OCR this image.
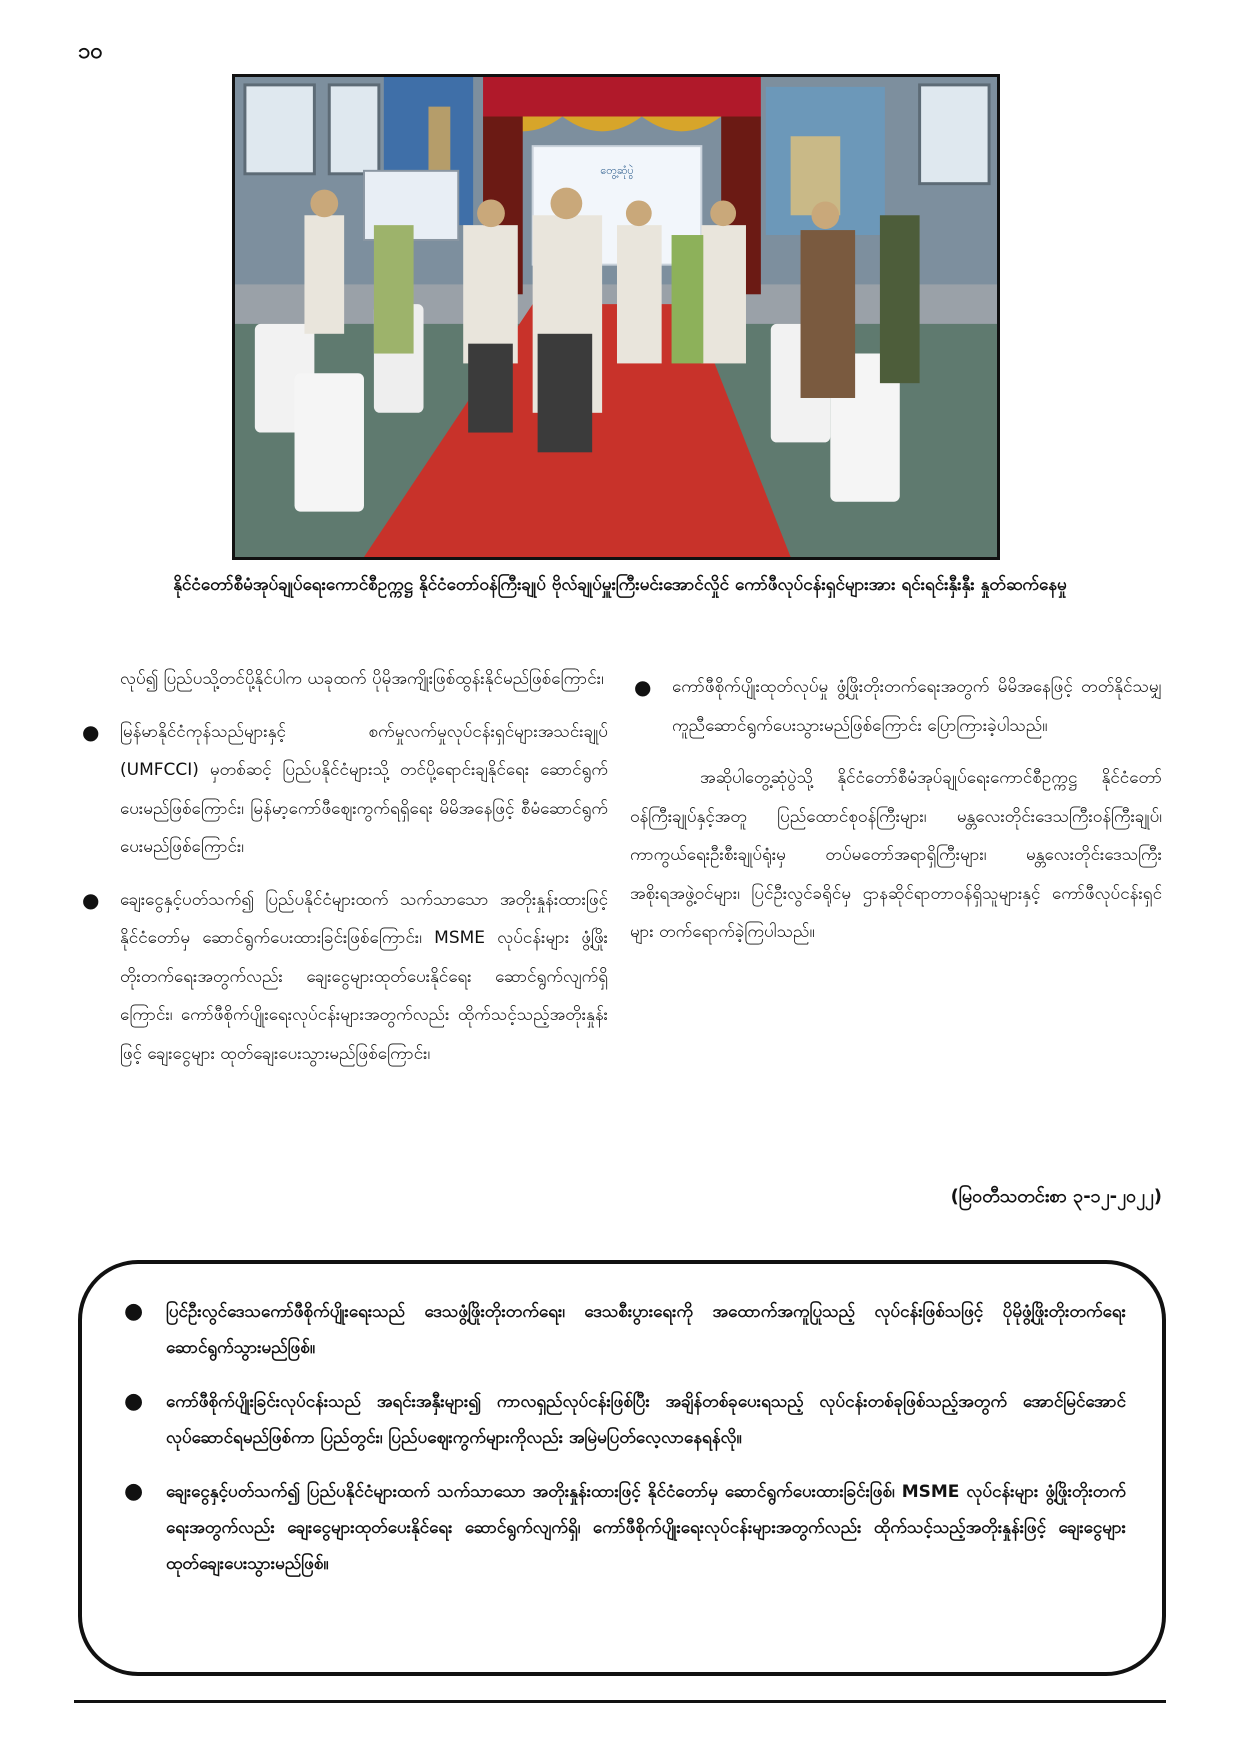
၁၀
တွေ့ဆုံပွဲ
နိုင်ငံတော်စီမံအုပ်ချုပ်ရေးကောင်စီဥက္ကဋ္ဌ နိုင်ငံတော်ဝန်ကြီးချုပ် ဗိုလ်ချုပ်မှူးကြီးမင်းအောင်လှိုင် ကော်ဖီလုပ်ငန်းရှင်များအား ရင်းရင်းနှီးနှီး နှုတ်ဆက်နေမှု

လုပ်၍ ပြည်ပသို့တင်ပို့နိုင်ပါက ယခုထက် ပိုမိုအကျိုးဖြစ်ထွန်းနိုင်မည်ဖြစ်ကြောင်း၊

● မြန်မာနိုင်ငံကုန်သည်များနှင့် စက်မှုလက်မှုလုပ်ငန်းရှင်များအသင်းချုပ် (UMFCCI) မှတစ်ဆင့် ပြည်ပနိုင်ငံများသို့ တင်ပို့ရောင်းချနိုင်ရေး ဆောင်ရွက်ပေးမည်ဖြစ်ကြောင်း၊ မြန်မာ့ကော်ဖီဈေးကွက်ရရှိရေး မိမိအနေဖြင့် စီမံဆောင်ရွက်ပေးမည်ဖြစ်ကြောင်း၊
● ချေးငွေနှင့်ပတ်သက်၍ ပြည်ပနိုင်ငံများထက် သက်သာသော အတိုးနှုန်းထားဖြင့် နိုင်ငံတော်မှ ဆောင်ရွက်ပေးထားခြင်းဖြစ်ကြောင်း၊ MSME လုပ်ငန်းများ ဖွံ့ဖြိုးတိုးတက်ရေးအတွက်လည်း ချေးငွေများထုတ်ပေးနိုင်ရေး ဆောင်ရွက်လျက်ရှိကြောင်း၊ ကော်ဖီစိုက်ပျိုးရေးလုပ်ငန်းများအတွက်လည်း ထိုက်သင့်သည့်အတိုးနှုန်းဖြင့် ချေးငွေများ ထုတ်ချေးပေးသွားမည်ဖြစ်ကြောင်း၊
● ကော်ဖီစိုက်ပျိုးထုတ်လုပ်မှု ဖွံ့ဖြိုးတိုးတက်ရေးအတွက် မိမိအနေဖြင့် တတ်နိုင်သမျှ ကူညီဆောင်ရွက်ပေးသွားမည်ဖြစ်ကြောင်း ပြောကြားခဲ့ပါသည်။

အဆိုပါတွေ့ဆုံပွဲသို့ နိုင်ငံတော်စီမံအုပ်ချုပ်ရေးကောင်စီဥက္ကဋ္ဌ နိုင်ငံတော်ဝန်ကြီးချုပ်နှင့်အတူ ပြည်ထောင်စုဝန်ကြီးများ၊ မန္တလေးတိုင်းဒေသကြီးဝန်ကြီးချုပ်၊ ကာကွယ်ရေးဦးစီးချုပ်ရုံးမှ တပ်မတော်အရာရှိကြီးများ၊ မန္တလေးတိုင်းဒေသကြီး အစိုးရအဖွဲ့ဝင်များ၊ ပြင်ဦးလွင်ခရိုင်မှ ဌာနဆိုင်ရာတာဝန်ရှိသူများနှင့် ကော်ဖီလုပ်ငန်းရှင်များ တက်ရောက်ခဲ့ကြပါသည်။

(မြဝတီသတင်းစာ ၃-၁၂-၂၀၂၂)
● ပြင်ဦးလွင်ဒေသကော်ဖီစိုက်ပျိုးရေးသည် ဒေသဖွံ့ဖြိုးတိုးတက်ရေး၊ ဒေသစီးပွားရေးကို အထောက်အကူပြုသည့် လုပ်ငန်းဖြစ်သဖြင့် ပိုမိုဖွံ့ဖြိုးတိုးတက်ရေး ဆောင်ရွက်သွားမည်ဖြစ်။
● ကော်ဖီစိုက်ပျိုးခြင်းလုပ်ငန်းသည် အရင်းအနှီးများ၍ ကာလရှည်လုပ်ငန်းဖြစ်ပြီး အချိန်တစ်ခုပေးရသည့် လုပ်ငန်းတစ်ခုဖြစ်သည့်အတွက် အောင်မြင်အောင် လုပ်ဆောင်ရမည်ဖြစ်ကာ ပြည်တွင်း၊ ပြည်ပဈေးကွက်များကိုလည်း အမြဲမပြတ်လေ့လာနေရန်လို။
● ချေးငွေနှင့်ပတ်သက်၍ ပြည်ပနိုင်ငံများထက် သက်သာသော အတိုးနှုန်းထားဖြင့် နိုင်ငံတော်မှ ဆောင်ရွက်ပေးထားခြင်းဖြစ်၊ MSME လုပ်ငန်းများ ဖွံ့ဖြိုးတိုးတက်ရေးအတွက်လည်း ချေးငွေများထုတ်ပေးနိုင်ရေး ဆောင်ရွက်လျက်ရှိ၊ ကော်ဖီစိုက်ပျိုးရေးလုပ်ငန်းများအတွက်လည်း ထိုက်သင့်သည့်အတိုးနှုန်းဖြင့် ချေးငွေများ ထုတ်ချေးပေးသွားမည်ဖြစ်။
